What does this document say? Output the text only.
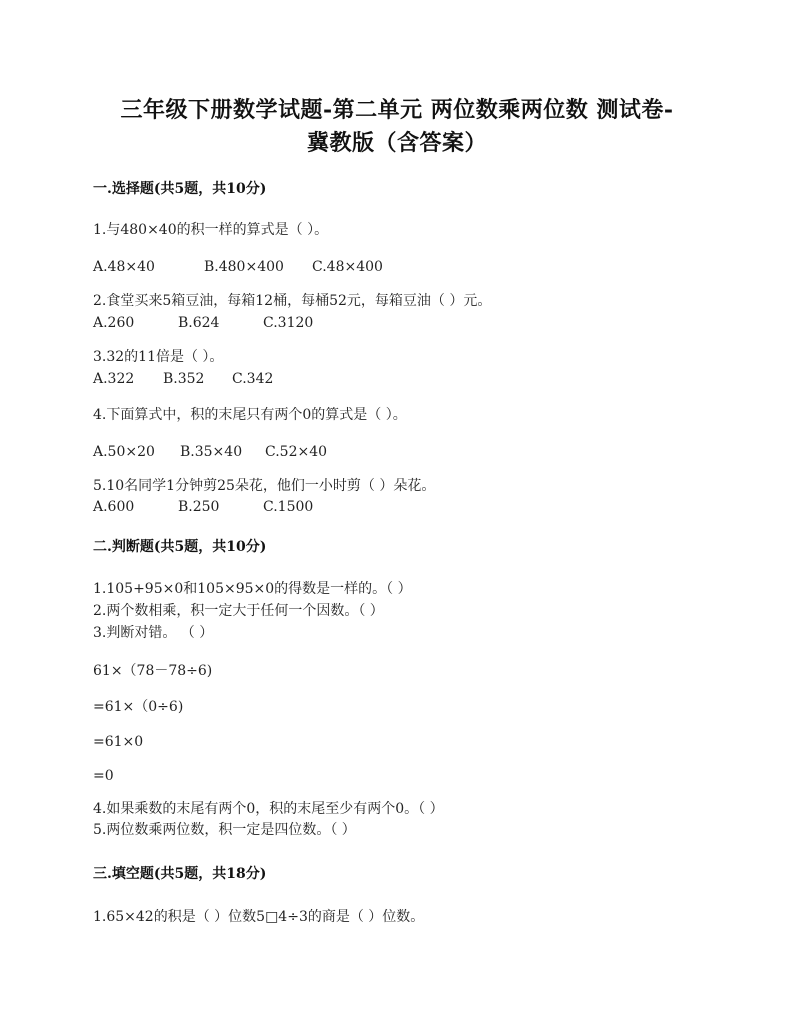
三年级下册数学试题-第二单元 两位数乘两位数 测试卷-
冀教版（含答案）
一.选择题(共5题，共10分)
1.与480×40的积一样的算式是（ ）。
A.48×40	B.480×400 C.48×400
2.食堂买来5箱豆油，每箱12桶，每桶52元，每箱豆油（ ）元。
A.260	B.624	C.3120
3.32的11倍是（ ）。
A.322 B.352 C.342
4.下面算式中，积的末尾只有两个0的算式是（ ）。
A.50×20 B.35×40 C.52×40
5.10名同学1分钟剪25朵花，他们一小时剪（ ）朵花。
A.600	B.250	C.1500
二.判断题(共5题，共10分)
1.105+95×0和105×95×0的得数是一样的。（ ）
2.两个数相乘，积一定大于任何一个因数。（ ）
3.判断对错。 （ ）
61×（78－78÷6)
=61×（0÷6)
=61×0
=0
4.如果乘数的末尾有两个0，积的末尾至少有两个0。（ ）
5.两位数乘两位数，积一定是四位数。（ ）
三.填空题(共5题，共18分)
1.65×42的积是（ ）位数5□4÷3的商是（ ）位数。
